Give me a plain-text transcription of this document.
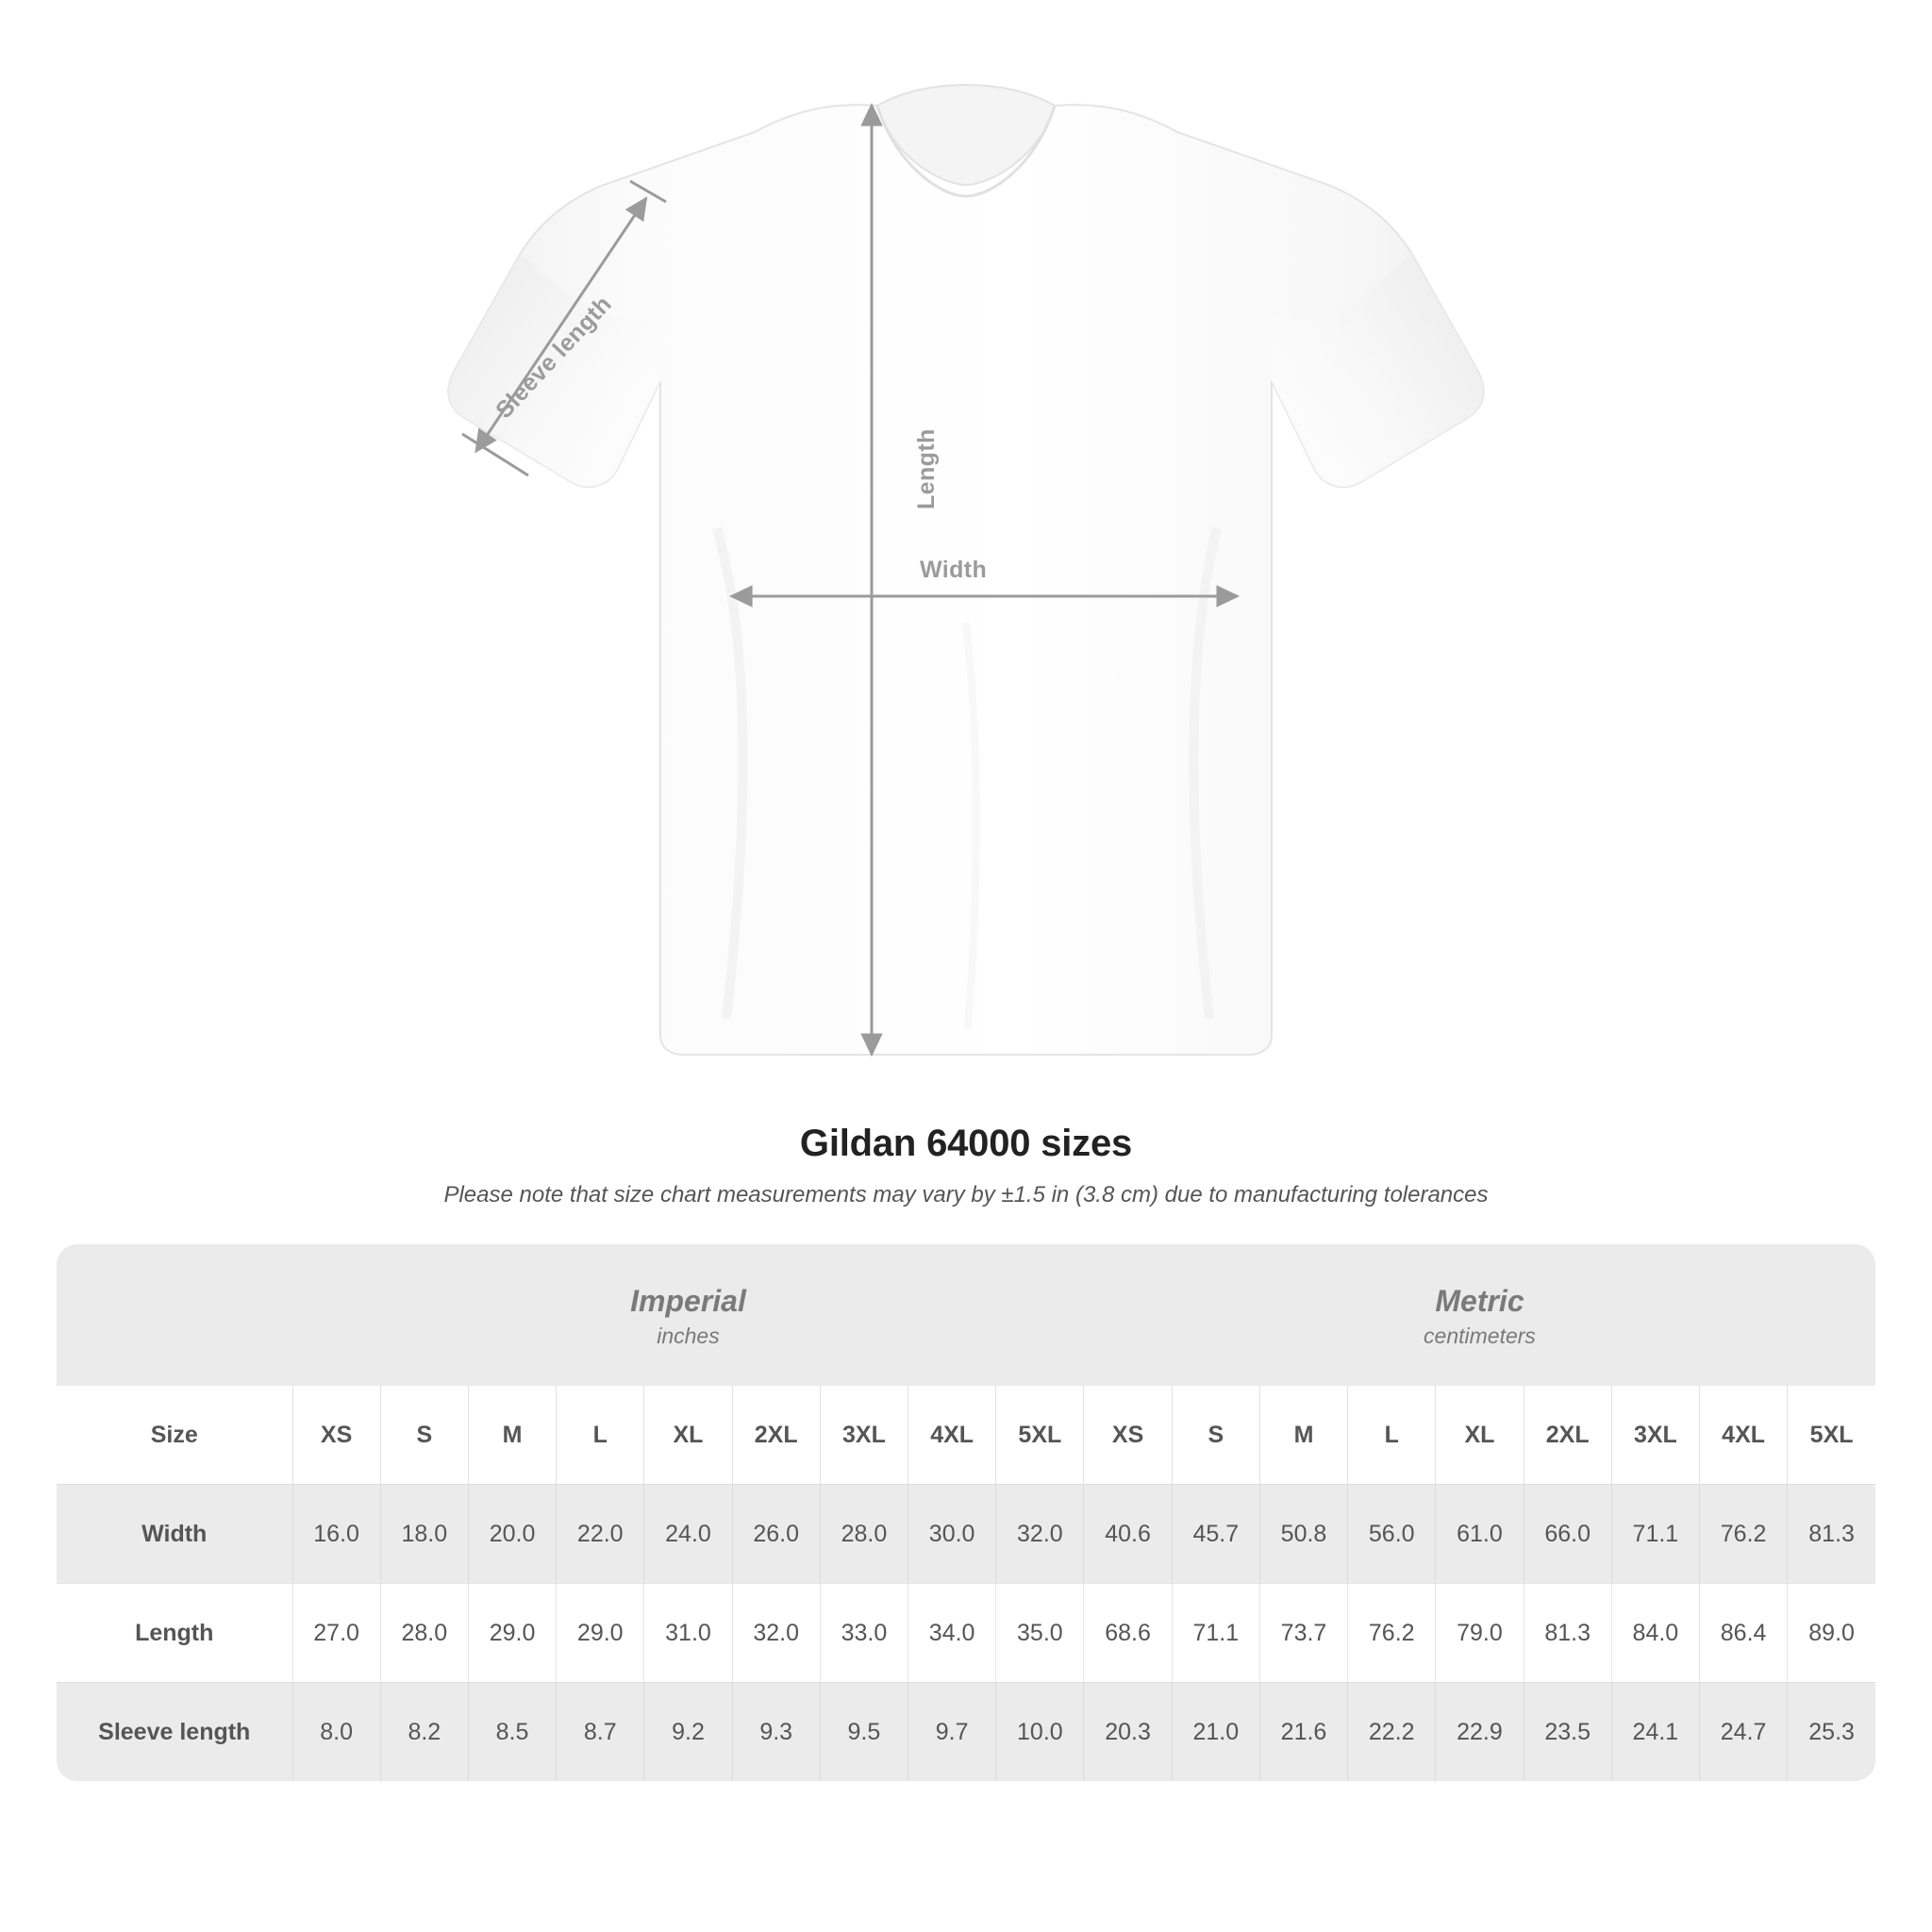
Length
Width
Sleeve length
Gildan 64000 sizes
Please note that size chart measurements may vary by ±1.5 in (3.8 cm) due to manufacturing tolerances

	Imperial
inches									Metric
centimeters								

Size	XS	S	M	L	XL	2XL	3XL	4XL	5XL	XS	S	M	L	XL	2XL	3XL	4XL	5XL
Width	16.0	18.0	20.0	22.0	24.0	26.0	28.0	30.0	32.0	40.6	45.7	50.8	56.0	61.0	66.0	71.1	76.2	81.3
Length	27.0	28.0	29.0	29.0	31.0	32.0	33.0	34.0	35.0	68.6	71.1	73.7	76.2	79.0	81.3	84.0	86.4	89.0
Sleeve length	8.0	8.2	8.5	8.7	9.2	9.3	9.5	9.7	10.0	20.3	21.0	21.6	22.2	22.9	23.5	24.1	24.7	25.3
